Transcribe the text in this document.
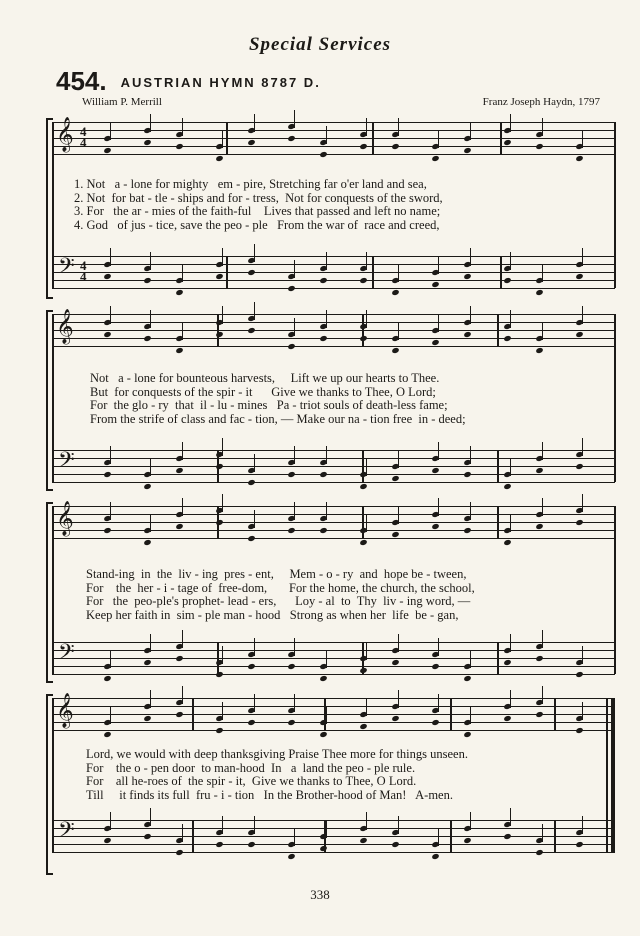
Special Services
454. AUSTRIAN HYMN 8787 D.
William P. Merrill	Franz Joseph Haydn, 1797
𝄞 4
4
1. Not   a - lone for mighty   em - pire, Stretching far o'er land and sea,
2. Not  for bat - tle - ships and for - tress,  Not for conquests of the sword,
3. For   the ar - mies of the faith-ful    Lives that passed and left no name;
4. God   of jus - tice, save the peo - ple   From the war of  race and creed,
𝄢 4
4
𝄞
Not   a - lone for bounteous harvests,     Lift we up our hearts to Thee.
But  for conquests of the spir - it      Give we thanks to Thee, O Lord;
For  the glo - ry  that  il - lu - mines   Pa - triot souls of death-less fame;
From the strife of class and fac - tion, — Make our na - tion free  in - deed;
𝄢
𝄞
Stand-ing  in  the  liv - ing  pres - ent,     Mem - o - ry  and  hope be - tween,
For    the  her - i - tage of  free-dom,       For the home, the church, the school,
For   the  peo-ple's prophet- lead - ers,      Loy - al  to  Thy  liv - ing word, —
Keep her faith in  sim - ple man - hood   Strong as when her  life  be - gan,
𝄢
𝄞
Lord, we would with deep thanksgiving Praise Thee more for things unseen.
For    the o - pen door  to man-hood  In   a  land the peo - ple rule.
For    all he-roes of  the spir - it,  Give we thanks to Thee, O Lord.
Till     it finds its full  fru - i - tion   In the Brother-hood of Man!   A-men.
𝄢
338
